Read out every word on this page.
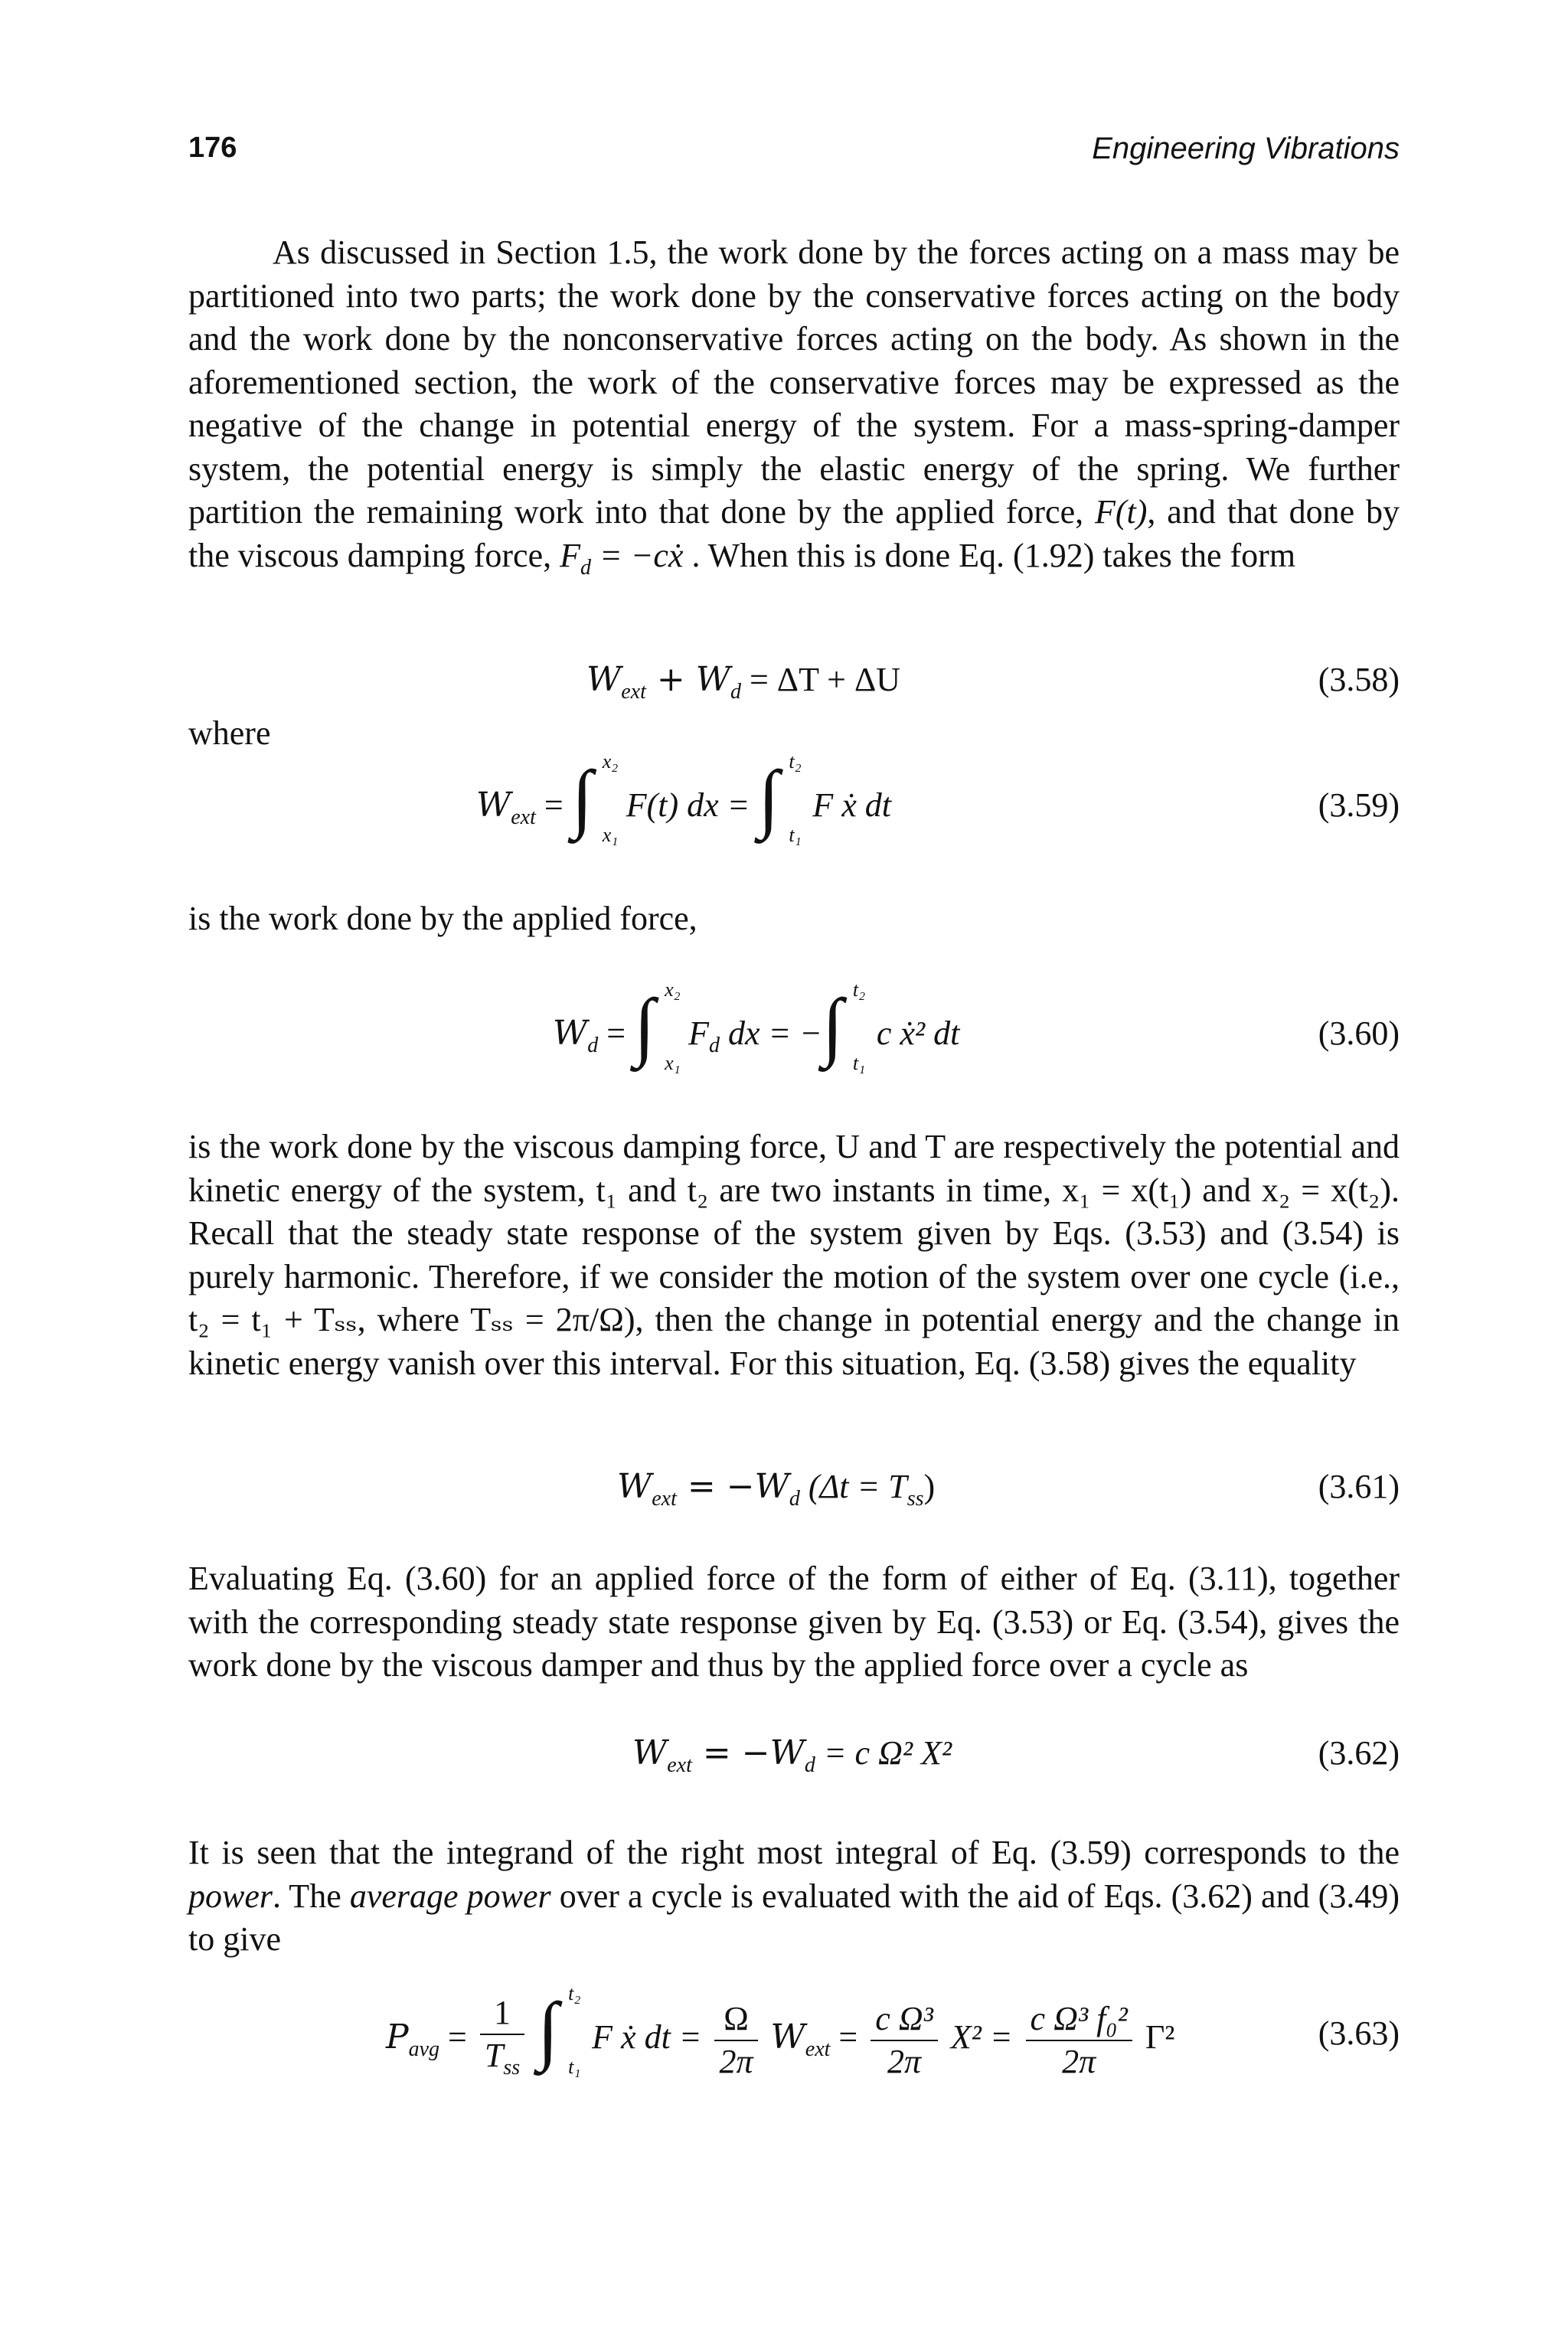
176	Engineering Vibrations

As discussed in Section 1.5, the work done by the forces acting on a mass may be partitioned into two parts; the work done by the conservative forces acting on the body and the work done by the nonconservative forces acting on the body. As shown in the aforementioned section, the work of the conservative forces may be expressed as the negative of the change in potential energy of the system. For a mass-spring-damper system, the potential energy is simply the elastic energy of the spring. We further partition the remaining work into that done by the applied force, F(t), and that done by the viscous damping force, $F_d$ = −cẋ . When this is done Eq. (1.92) takes the form

$W_{ext} + W_d = \Delta T + \Delta U$	(3.58)
where
$W_{ext}$ = ∫ x₂
x₁
F(t) dx = ∫ t₂
t₁
F ẋ dt	(3.59)
is the work done by the applied force,
$W_d$ = ∫ x₂
x₁
$F_d$ dx = − ∫ t₂
t₁
c ẋ² dt	(3.60)

is the work done by the viscous damping force, U and T are respectively the potential and kinetic energy of the system, t₁ and t₂ are two instants in time, x₁ = x(t₁) and x₂ = x(t₂). Recall that the steady state response of the system given by Eqs. (3.53) and (3.54) is purely harmonic. Therefore, if we consider the motion of the system over one cycle (i.e., t₂ = t₁ + Tₛₛ, where Tₛₛ = 2π/Ω), then the change in potential energy and the change in kinetic energy vanish over this interval. For this situation, Eq. (3.58) gives the equality

$W_{ext} = -W_d$ $(\Delta t = T_{ss})$	(3.61)

Evaluating Eq. (3.60) for an applied force of the form of either of Eq. (3.11), together with the corresponding steady state response given by Eq. (3.53) or Eq. (3.54), gives the work done by the viscous damper and thus by the applied force over a cycle as

$W_{ext} = -W_d = c$ Ω² X²	(3.62)

It is seen that the integrand of the right most integral of Eq. (3.59) corresponds to the power. The average power over a cycle is evaluated with the aid of Eqs. (3.62) and (3.49) to give

$P_{avg} = \frac{1}{T_{ss}}$
∫ t₂
t₁
F ẋ dt = $\frac{\Omega}{2\pi} W_{ext} = \frac{\text{c Ω³}}{2\pi} X^2 = \frac{\text{c Ω³ f₀²}}{2\pi} \Gamma^2$	(3.63)
